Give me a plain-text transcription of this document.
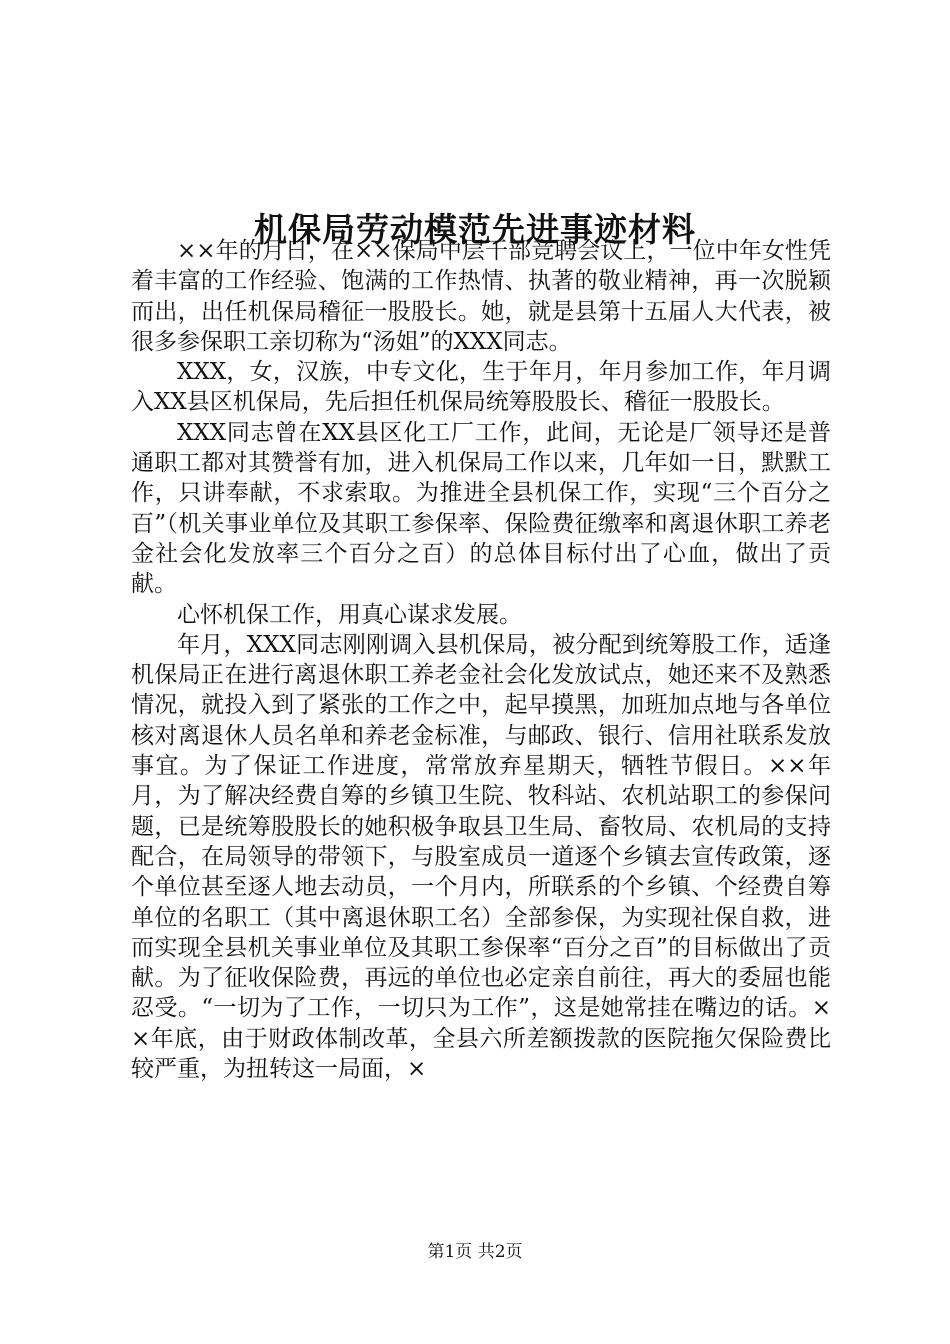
机保局劳动模范先进事迹材料

××年的月日，在××保局中层干部竞聘会议上，一位中年女性凭着丰富的工作经验、饱满的工作热情、执著的敬业精神，再一次脱颖而出，出任机保局稽征一股股长。她，就是县第十五届人大代表，被很多参保职工亲切称为“汤姐”的XXX同志。

XXX，女，汉族，中专文化，生于年月，年月参加工作，年月调入XX县区机保局，先后担任机保局统筹股股长、稽征一股股长。

XXX同志曾在XX县区化工厂工作，此间，无论是厂领导还是普通职工都对其赞誉有加，进入机保局工作以来，几年如一日，默默工作，只讲奉献，不求索取。为推进全县机保工作，实现“三个百分之百”（机关事业单位及其职工参保率、保险费征缴率和离退休职工养老金社会化发放率三个百分之百）的总体目标付出了心血，做出了贡献。

心怀机保工作，用真心谋求发展。

年月，XXX同志刚刚调入县机保局，被分配到统筹股工作，适逢机保局正在进行离退休职工养老金社会化发放试点，她还来不及熟悉情况，就投入到了紧张的工作之中，起早摸黑，加班加点地与各单位核对离退休人员名单和养老金标准，与邮政、银行、信用社联系发放事宜。为了保证工作进度，常常放弃星期天，牺牲节假日。××年月，为了解决经费自筹的乡镇卫生院、牧科站、农机站职工的参保问题，已是统筹股股长的她积极争取县卫生局、畜牧局、农机局的支持配合，在局领导的带领下，与股室成员一道逐个乡镇去宣传政策，逐个单位甚至逐人地去动员，一个月内，所联系的个乡镇、个经费自筹单位的名职工（其中离退休职工名）全部参保，为实现社保自救，进而实现全县机关事业单位及其职工参保率“百分之百”的目标做出了贡献。为了征收保险费，再远的单位也必定亲自前往，再大的委屈也能忍受。“一切为了工作，一切只为工作”，这是她常挂在嘴边的话。××年底，由于财政体制改革，全县六所差额拨款的医院拖欠保险费比较严重，为扭转这一局面，×

第1页 共2页
